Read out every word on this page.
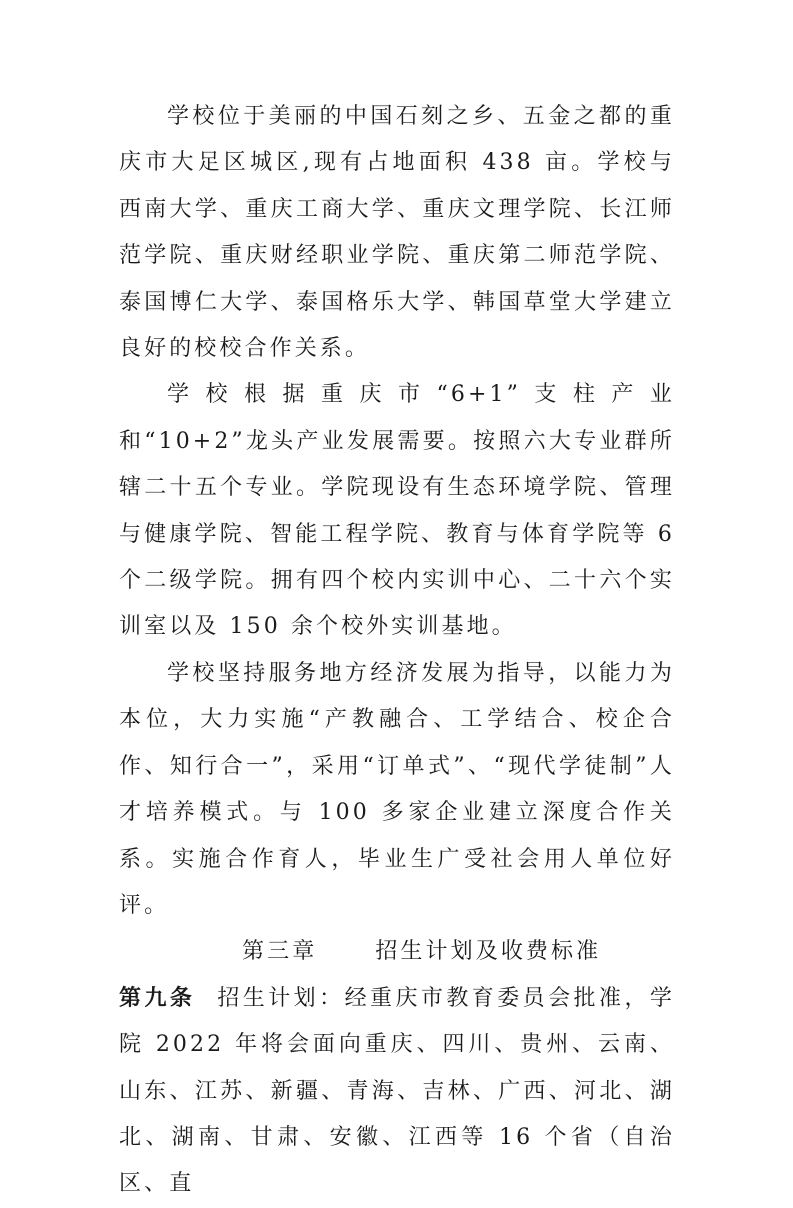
学校位于美丽的中国石刻之乡、五金之都的重庆市大足区城区,现有占地面积 438 亩。学校与西南大学、重庆工商大学、重庆文理学院、长江师范学院、重庆财经职业学院、重庆第二师范学院、泰国博仁大学、泰国格乐大学、韩国草堂大学建立良好的校校合作关系。

学校根据重庆市“6+1”支柱产业和“10+2”龙头产业发展需要。按照六大专业群所辖二十五个专业。学院现设有生态环境学院、管理与健康学院、智能工程学院、教育与体育学院等 6 个二级学院。拥有四个校内实训中心、二十六个实训室以及 150 余个校外实训基地。

学校坚持服务地方经济发展为指导，以能力为本位，大力实施“产教融合、工学结合、校企合作、知行合一”，采用“订单式”、“现代学徒制”人才培养模式。与 100 多家企业建立深度合作关系。实施合作育人，毕业生广受社会用人单位好评。

第三章	招生计划及收费标准

第九条 招生计划：经重庆市教育委员会批准，学院 2022 年将会面向重庆、四川、贵州、云南、山东、江苏、新疆、青海、吉林、广西、河北、湖北、湖南、甘肃、安徽、江西等 16 个省（自治区、直
